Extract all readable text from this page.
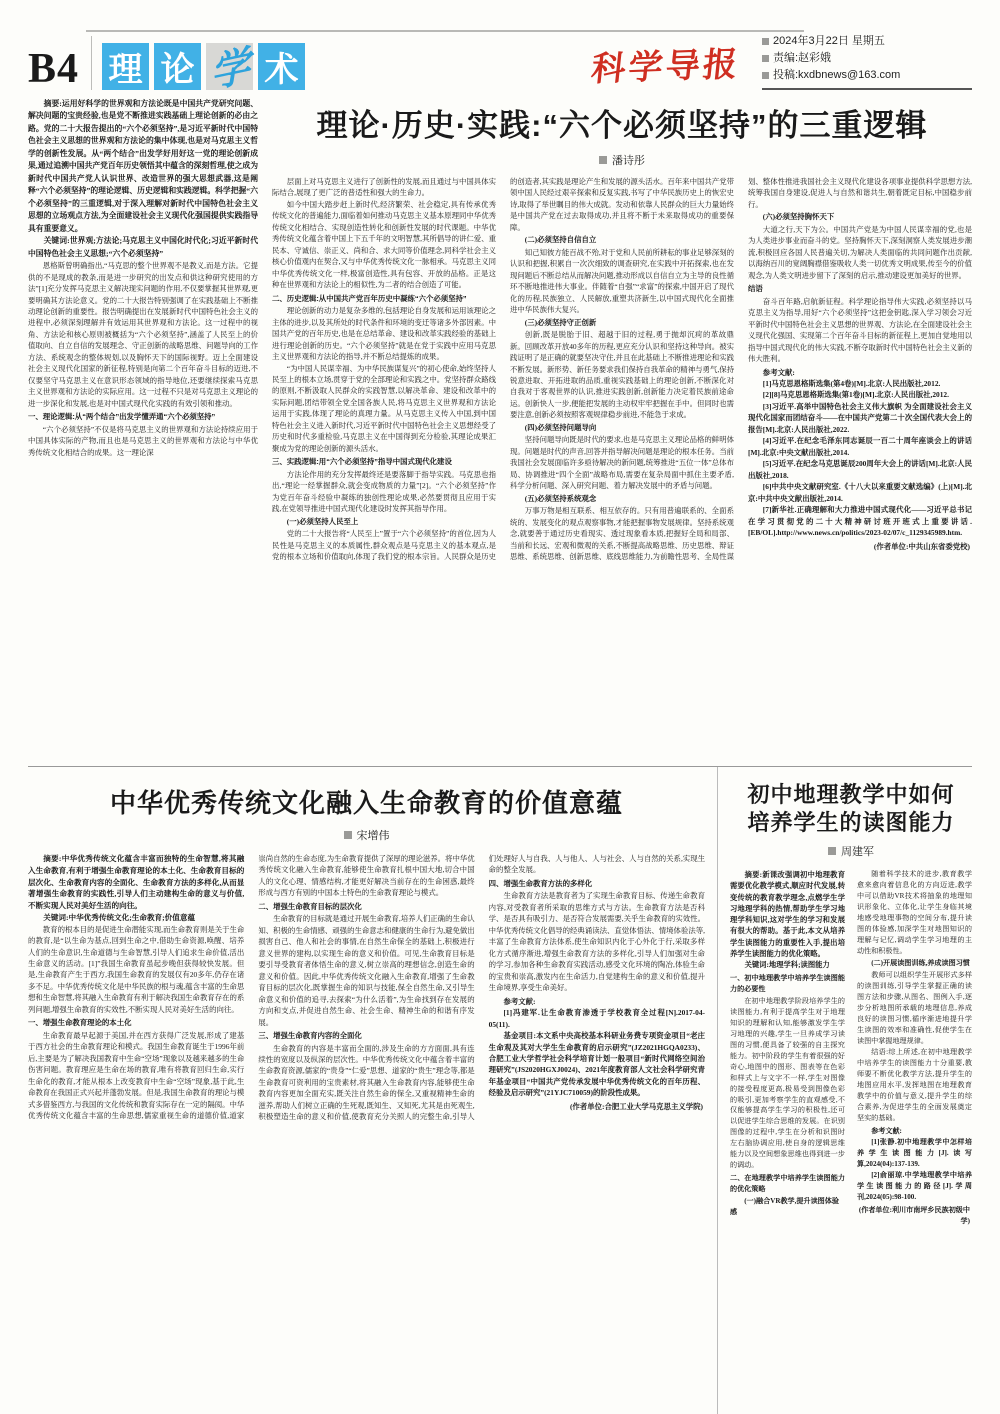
B4 理 论 学 术	科学导报
2024年3月22日 星期五
责编:赵彩娥
投稿:kxdbnews@163.com
摘要:运用好科学的世界观和方法论既是中国共产党研究问题、解决问题的宝贵经验,也是党不断推进实践基础上理论创新的必由之路。党的二十大报告提出的“六个必须坚持”,是习近平新时代中国特色社会主义思想的世界观和方法论的集中体现,也是对马克思主义哲学的创新性发展。从“两个结合”出发学好用好这一党的理论创新成果,通过追溯中国共产党百年历史领悟其中蕴含的深刻哲理,使之成为新时代中国共产党人认识世界、改造世界的强大思想武器,这是阐释“六个必须坚持”的理论逻辑、历史逻辑和实践逻辑。科学把握“六个必须坚持”的三重逻辑,对于深入理解对新时代中国特色社会主义思想的立场观点方法,为全面建设社会主义现代化强国提供实践指导具有重要意义。
关键词:世界观;方法论;马克思主义中国化时代化;习近平新时代中国特色社会主义思想;“六个必须坚持”
恩格斯曾明确指出,“马克思的整个世界观不是教义,而是方法。它提供的不是现成的教条,而是进一步研究的出发点和供这种研究使用的方法”[1]充分发挥马克思主义解决现实问题的作用,不仅要掌握其世界观,更要明确其方法论意义。党的二十大报告特别强调了在实践基础上不断推动理论创新的重要性。报告明确提出在发展新时代中国特色社会主义的进程中,必须深刻理解并有效运用其世界观和方法论。这一过程中的视角、方法论和核心原则被概括为“六个必须坚持”,涵盖了人民至上的价值取向、自立自信的发展理念、守正创新的战略思维、问题导向的工作方法、系统观念的整体规划,以及胸怀天下的国际视野。迈上全面建设社会主义现代化国家的新征程,特别是向第二个百年奋斗目标的迈进,不仅要坚守马克思主义在意识形态领域的指导地位,还要继续探索马克思主义世界观和方法论的实际应用。这一过程不只是对马克思主义理论的进一步深化和发展,也是对中国式现代化实践的有效引领和推动。
一、理论逻辑:从“两个结合”出发学懂弄通“六个必须坚持”
“六个必须坚持”不仅是将马克思主义的世界观和方法论持续应用于中国具体实际的产物,而且也是马克思主义的世界观和方法论与中华优秀传统文化相结合的成果。这一理论深
理论·历史·实践:“六个必须坚持”的三重逻辑
潘诗彤
层面上对马克思主义进行了创新性的发展,而且通过与中国具体实际结合,展现了更广泛的普适性和强大的生命力。
如今中国大踏步赶上新时代,经济繁荣、社会稳定,具有传承优秀传统文化的普遍能力,面临着如何推动马克思主义基本原理同中华优秀传统文化相结合、实现创造性转化和创新性发展的时代课题。中华优秀传统文化蕴含着中国上下五千年的文明智慧,其所倡导的讲仁爱、重民本、守诚信、崇正义、尚和合、求大同等价值理念,同科学社会主义核心价值观内在契合,又与中华优秀传统文化一脉相承。马克思主义同中华优秀传统文化一样,极富创造性,具有包容、开放的品格。正是这种在世界观和方法论上的相似性,为二者的结合创造了可能。
二、历史逻辑:从中国共产党百年历史中凝练“六个必须坚持”
理论创新的动力是复杂多维的,包括理论自身发展和运用该理论之主体的进步,以及其所处的时代条件和环境的变迁等诸多外部因素。中国共产党的百年历史,也是在总结革命、建设和改革实践经验的基础上进行理论创新的历史。“六个必须坚持”就是在党于实践中应用马克思主义世界观和方法论的指导,并不断总结提炼的成果。
“为中国人民谋幸福、为中华民族谋复兴”的初心使命,始终坚持人民至上的根本立场,贯穿于党的全部理论和实践之中。党坚持群众路线的原则,不断汲取人民群众的实践智慧,以解决革命、建设和改革中的实际问题,团结带领全党全国各族人民,将马克思主义世界观和方法论运用于实践,体现了理论的真理力量。从马克思主义传入中国,到中国特色社会主义进入新时代,习近平新时代中国特色社会主义思想经受了历史和时代多重检验,马克思主义在中国得到充分检验,其理论成果汇聚成为党的理论创新的源头活水。
三、实践逻辑:用“六个必须坚持”指导中国式现代化建设
方法论作用的充分发挥最终还是要落脚于指导实践。马克思也指出,“理论一经掌握群众,就会变成物质的力量”[2]。“六个必须坚持”作为党百年奋斗经验中凝练的独创性理论成果,必然要贯彻且应用于实践,在党领导推进中国式现代化建设时发挥其指导作用。
(一)必须坚持人民至上
党的二十大报告将“人民至上”置于“六个必须坚持”的首位,因为人民性是马克思主义的本质属性,群众观点是马克思主义的基本观点,是党的根本立场和价值取向,体现了我们党的根本宗旨。人民群众是历史的创造者,其实践是理论产生和发展的源头活水。百年来中国共产党带领中国人民经过艰辛探索和反复实践,书写了中华民族历史上的恢宏史诗,取得了举世瞩目的伟大成就。发动和依靠人民群众的巨大力量始终是中国共产党在过去取得成功,并且将不断于未来取得成功的重要保障。
(二)必须坚持自信自立
知己知彼方能百战不殆,对于党和人民前所耕耘的事业足够深刻的认识和把握,积累自一次次细致的调查研究,在实践中开拓探索,也在发现问题后不断总结从而解决问题,推动形成以自信自立为主导的良性循环不断地推进伟大事业。伴随着“自强”“求富”的探索,中国开启了现代化的历程,民族独立、人民解放,重塑共济新生,以中国式现代化全面推进中华民族伟大复兴。
(三)必须坚持守正创新
创新,既是脱胎于旧、超越于旧的过程,勇于抛却沉疴的革故鼎新。回顾改革开放40多年的历程,更应充分认识和坚持这种导向。被实践证明了是正确的就要坚决守住,并且在此基础上不断推进理论和实践不断发展。新形势、新任务要求我们保持自我革命的精神与勇气,保持锐意进取、开拓进取的品质,重视实践基础上的理论创新,不断深化对自我对于客观世界的认识,推进实践创新,创新能力决定着民族前途命运。创新快人一步,便能把发展的主动权牢牢把握在手中。但同时也需要注意,创新必须按照客观规律稳步前进,不能急于求成。
(四)必须坚持问题导向
坚持问题导向既是时代的要求,也是马克思主义理论品格的鲜明体现。问题是时代的声音,回答并指导解决问题是理论的根本任务。当前我国社会发展面临许多亟待解决的新问题,统筹推进“五位一体”总体布局、协调推进“四个全面”战略布局,需要在复杂局面中抓住主要矛盾,科学分析问题、深入研究问题、着力解决发展中的矛盾与问题。
(五)必须坚持系统观念
万事万物是相互联系、相互依存的。只有用普遍联系的、全面系统的、发展变化的观点观察事物,才能把握事物发展规律。坚持系统观念,就要善于通过历史看现实、透过现象看本质,把握好全局和局部、当前和长远、宏观和微观的关系,不断提高战略思维、历史思维、辩证思维、系统思维、创新思维、底线思维能力,为前瞻性思考、全局性谋划、整体性推进我国社会主义现代化建设各项事业提供科学思想方法,统筹我国自身建设,促进人与自然和谐共生,朝着既定目标,中国稳步前行。
(六)必须坚持胸怀天下
大道之行,天下为公。中国共产党是为中国人民谋幸福的党,也是为人类进步事业而奋斗的党。坚持胸怀天下,深刻洞察人类发展进步潮流,积极回应各国人民普遍关切,为解决人类面临的共同问题作出贡献,以海纳百川的宽阔胸襟借鉴吸收人类一切优秀文明成果,传至今的价值观念,为人类文明进步留下了深刻的启示,推动建设更加美好的世界。
结语
奋斗百年路,启航新征程。科学理论指导伟大实践,必须坚持以马克思主义为指导,用好“六个必须坚持”这把金钥匙,深入学习领会习近平新时代中国特色社会主义思想的世界观、方法论,在全面建设社会主义现代化强国、实现第二个百年奋斗目标的新征程上,更加自觉地用以指导中国式现代化的伟大实践,不断夺取新时代中国特色社会主义新的伟大胜利。
参考文献:
[1]马克思恩格斯选集(第4卷)[M].北京:人民出版社,2012.
[2][8]马克思恩格斯选集(第1卷)[M].北京:人民出版社,2012.
[3]习近平.高举中国特色社会主义伟大旗帜 为全面建设社会主义现代化国家而团结奋斗——在中国共产党第二十次全国代表大会上的报告[M].北京:人民出版社,2022.
[4]习近平.在纪念毛泽东同志诞辰一百二十周年座谈会上的讲话[M].北京:中央文献出版社,2014.
[5]习近平.在纪念马克思诞辰200周年大会上的讲话[M].北京:人民出版社,2018.
[6]中共中央文献研究室.《十八大以来重要文献选编》(上)[M].北京:中共中央文献出版社,2014.
[7]新华社.正确理解和大力推进中国式现代化——习近平总书记在学习贯彻党的二十大精神研讨班开班式上重要讲话.[EB/OL].http://www.news.cn/politics/2023-02/07/c_1129345989.htm.
(作者单位:中共山东省委党校)
中华优秀传统文化融入生命教育的价值意蕴
宋增伟
摘要:中华优秀传统文化蕴含丰富而独特的生命智慧,将其融入生命教育,有利于增强生命教育理论的本土化、生命教育目标的层次化、生命教育内容的全面化、生命教育方法的多样化,从而显著增强生命教育的实践性,引导人们主动建构生命的意义与价值,不断实现人民对美好生活的向往。
关键词:中华优秀传统文化;生命教育;价值意蕴
教育的根本目的是促进生命潜能实现,而生命教育则是关于生命的教育,是“以生命为基点,回到生命之中,借助生命资源,唤醒、培养人们的生命意识,生命道德与生命智慧,引导人们追求生命价值,活出生命意义的活动。[1]”我国生命教育虽起步晚但获得较快发展。但是,生命教育产生于西方,我国生命教育的发展仅有20多年,仍存在诸多不足。中华优秀传统文化是中华民族的根与魂,蕴含丰富的生命思想和生命智慧,将其融入生命教育有利于解决我国生命教育存在的系列问题,增强生命教育的实效性,不断实现人民对美好生活的向往。
一、增强生命教育理论的本土化
生命教育最早起源于美国,并在西方获得广泛发展,形成了建基于西方社会的生命教育理论和模式。我国生命教育诞生于1996年前后,主要是为了解决我国教育中生命“空场”现象以及越来越多的生命伤害问题。教育理应是生命在场的教育,唯有将教育回归生命,实行生命化的教育,才能从根本上改变教育中生命“空场”现象,基于此,生命教育在我国正式兴起并蓬勃发展。但是,我国生命教育的理论与模式多借鉴西方,与我国的文化传统和教育实际存在一定的隔阂。中华优秀传统文化蕴含丰富的生命思想,儒家重视生命的道德价值,道家崇尚自然的生命态度,为生命教育提供了深厚的理论滋养。将中华优秀传统文化融入生命教育,能够使生命教育扎根中国大地,切合中国人的文化心理、情感结构,才能更好解决当前存在的生命困惑,最终形成与西方有别的中国本土特色的生命教育理论与模式。
二、增强生命教育目标的层次化
生命教育的目标就是通过开展生命教育,培养人们正确的生命认知、积极的生命情感、顽强的生命意志和健康的生命行为,避免做出损害自己、他人和社会的事情,在自然生命保全的基础上,积极进行意义世界的建构,以实现生命的意义和价值。可见,生命教育目标是要引导受教育者体悟生命的意义,树立崇高的理想信念,创造生命的意义和价值。因此,中华优秀传统文化融入生命教育,增强了生命教育目标的层次化,既掌握生命的知识与技能,保全自然生命,又引导生命意义和价值的追寻,去探索“为什么活着”,为生命找到存在发展的方向和支点,并促进自然生命、社会生命、精神生命的和谐有序发展。
三、增强生命教育内容的全面化
生命教育的内容是丰富而全面的,涉及生命的方方面面,具有连续性的宽度以及纵深的层次性。中华优秀传统文化中蕴含着丰富的生命教育资源,儒家的“贵身”“仁爱”思想、道家的“贵生”理念等,都是生命教育可资利用的宝贵素材,将其融入生命教育内容,能够使生命教育内容更加全面充实,既关注自然生命的保全,又重视精神生命的滋养,帮助人们树立正确的生死观,既知生、又知死,尤其是由死观生,积极塑造生命的意义和价值,使教育充分关照人的完整生命,引导人们处理好人与自我、人与他人、人与社会、人与自然的关系,实现生命的整全发展。
四、增强生命教育方法的多样化
生命教育方法是教育者为了实现生命教育目标、传递生命教育内容,对受教育者所采取的思维方式与方法。生命教育方法是否科学、是否具有吸引力、是否符合发展需要,关乎生命教育的实效性。中华优秀传统文化倡导的经典诵读法、直觉体悟法、情境体验法等,丰富了生命教育方法体系,使生命知识内化于心外化于行,采取多样化方式循序渐进,增强生命教育方法的多样化,引导人们加强对生命的学习,参加各种生命教育实践活动,感受文化环境的陶冶,体验生命的宝贵和崇高,激发内在生命活力,自觉建构生命的意义和价值,提升生命境界,享受生命美好。
参考文献:
[1]冯建军.让生命教育渗透于学校教育全过程[N].2017-04-05(11).
基金项目:本文系中央高校基本科研业务费专项资金项目“老庄生命观及其对大学生生命教育的启示研究”(JZ2021HGQA0233)、合肥工业大学哲学社会科学培育计划一般项目“新时代网络空间治理研究”(JS2020HGXJ0024)、2021年度教育部人文社会科学研究青年基金项目“中国共产党传承发展中华优秀传统文化的百年历程、经验及启示研究”(21YJC710059)的阶段性成果。
(作者单位:合肥工业大学马克思主义学院)
初中地理教学中如何
培养学生的读图能力
周建军
摘要:新课改强调初中地理教育需要优化教学模式,顺应时代发展,转变传统的教育教学理念,点燃学生学习地理学科的热情,帮助学生学习地理学科知识,这对学生的学习和发展有很大的帮助。基于此,本文从培养学生读图能力的重要性入手,提出培养学生读图能力的优化策略。
关键词:地理学科;读图能力
一、初中地理教学中培养学生读图能力的必要性
在初中地理教学阶段培养学生的读图能力,有利于提高学生对于地理知识的理解和认知,能够激发学生学习地理的兴趣,学生一旦养成学习读图的习惯,便具备了较强的自主探究能力。初中阶段的学生有着很强的好奇心,地图中的图形、图表等在色彩和样式上与文字不一样,学生对图像的接受程度更高,极易受到图像色彩的吸引,更加考察学生的直观感受,不仅能够提高学生学习的积极性,还可以促进学生综合思维的发展。在识别图像的过程中,学生在分析和识图时左右脑协调应用,使自身的逻辑思维能力以及空间想象思维也得到进一步的调动。
二、在地理教学中培养学生读图能力的优化策略
(一)融合VR教学,提升读图体验感
随着科学技术的进步,教育教学愈来愈向着信息化的方向迈进,教学中可以借助VR技术将抽象的地理知识形象化、立体化,让学生身临其境地感受地理事物的空间分布,提升读图的体验感,加深学生对地图知识的理解与记忆,调动学生学习地理的主动性和积极性。
(二)开展读图训练,养成读图习惯
教师可以组织学生开展形式多样的读图训练,引导学生掌握正确的读图方法和步骤,从图名、图例入手,逐步分析地图所承载的地理信息,养成良好的读图习惯,循序渐进地提升学生读图的效率和准确性,促使学生在读图中掌握地理规律。
结语:综上所述,在初中地理教学中培养学生的读图能力十分重要,教师要不断优化教学方法,提升学生的地图应用水平,发挥地图在地理教育教学中的价值与意义,提升学生的综合素养,为促进学生的全面发展奠定坚实的基础。
参考文献:
[1]张静.初中地理教学中怎样培养学生读图能力[J].读写算,2024(04):137-139.
[2]俞丽琼.中学地理教学中培养学生读图能力的路径[J].学周刊,2024(05):98-100.
(作者单位:利川市南坪乡民族初级中学)
